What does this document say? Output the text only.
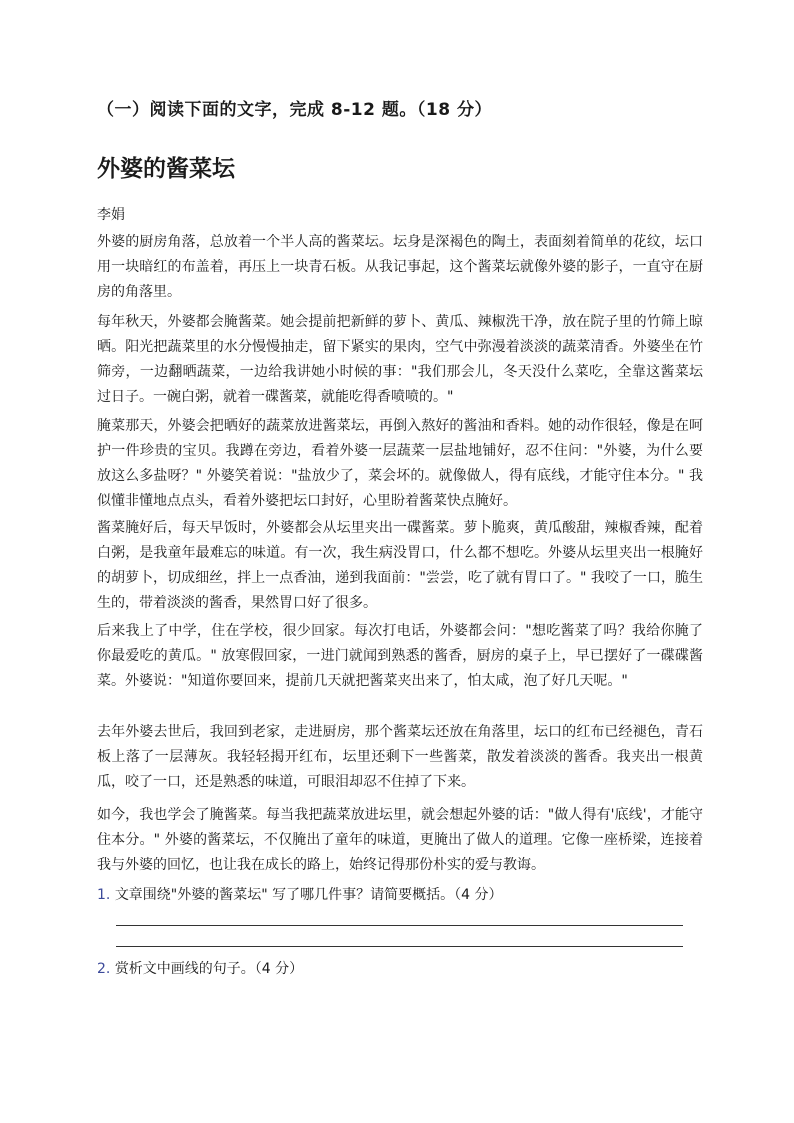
（一）阅读下面的文字，完成 8-12 题。（18 分）
外婆的酱菜坛
李娟

外婆的厨房角落，总放着一个半人高的酱菜坛。坛身是深褐色的陶土，表面刻着简单的花纹，坛口用一块暗红的布盖着，再压上一块青石板。从我记事起，这个酱菜坛就像外婆的影子，一直守在厨房的角落里。

每年秋天，外婆都会腌酱菜。她会提前把新鲜的萝卜、黄瓜、辣椒洗干净，放在院子里的竹筛上晾晒。阳光把蔬菜里的水分慢慢抽走，留下紧实的果肉，空气中弥漫着淡淡的蔬菜清香。外婆坐在竹筛旁，一边翻晒蔬菜，一边给我讲她小时候的事："我们那会儿，冬天没什么菜吃，全靠这酱菜坛过日子。一碗白粥，就着一碟酱菜，就能吃得香喷喷的。"

腌菜那天，外婆会把晒好的蔬菜放进酱菜坛，再倒入熬好的酱油和香料。她的动作很轻，像是在呵护一件珍贵的宝贝。我蹲在旁边，看着外婆一层蔬菜一层盐地铺好，忍不住问："外婆，为什么要放这么多盐呀？" 外婆笑着说："盐放少了，菜会坏的。就像做人，得有底线，才能守住本分。" 我似懂非懂地点点头，看着外婆把坛口封好，心里盼着酱菜快点腌好。

酱菜腌好后，每天早饭时，外婆都会从坛里夹出一碟酱菜。萝卜脆爽，黄瓜酸甜，辣椒香辣，配着白粥，是我童年最难忘的味道。有一次，我生病没胃口，什么都不想吃。外婆从坛里夹出一根腌好的胡萝卜，切成细丝，拌上一点香油，递到我面前："尝尝，吃了就有胃口了。" 我咬了一口，脆生生的，带着淡淡的酱香，果然胃口好了很多。

后来我上了中学，住在学校，很少回家。每次打电话，外婆都会问："想吃酱菜了吗？我给你腌了你最爱吃的黄瓜。" 放寒假回家，一进门就闻到熟悉的酱香，厨房的桌子上，早已摆好了一碟碟酱菜。外婆说："知道你要回来，提前几天就把酱菜夹出来了，怕太咸，泡了好几天呢。"

去年外婆去世后，我回到老家，走进厨房，那个酱菜坛还放在角落里，坛口的红布已经褪色，青石板上落了一层薄灰。我轻轻揭开红布，坛里还剩下一些酱菜，散发着淡淡的酱香。我夹出一根黄瓜，咬了一口，还是熟悉的味道，可眼泪却忍不住掉了下来。

如今，我也学会了腌酱菜。每当我把蔬菜放进坛里，就会想起外婆的话："做人得有'底线'，才能守住本分。" 外婆的酱菜坛，不仅腌出了童年的味道，更腌出了做人的道理。它像一座桥梁，连接着我与外婆的回忆，也让我在成长的路上，始终记得那份朴实的爱与教诲。

1. 文章围绕"外婆的酱菜坛" 写了哪几件事？请简要概括。（4 分）
2. 赏析文中画线的句子。（4 分）
